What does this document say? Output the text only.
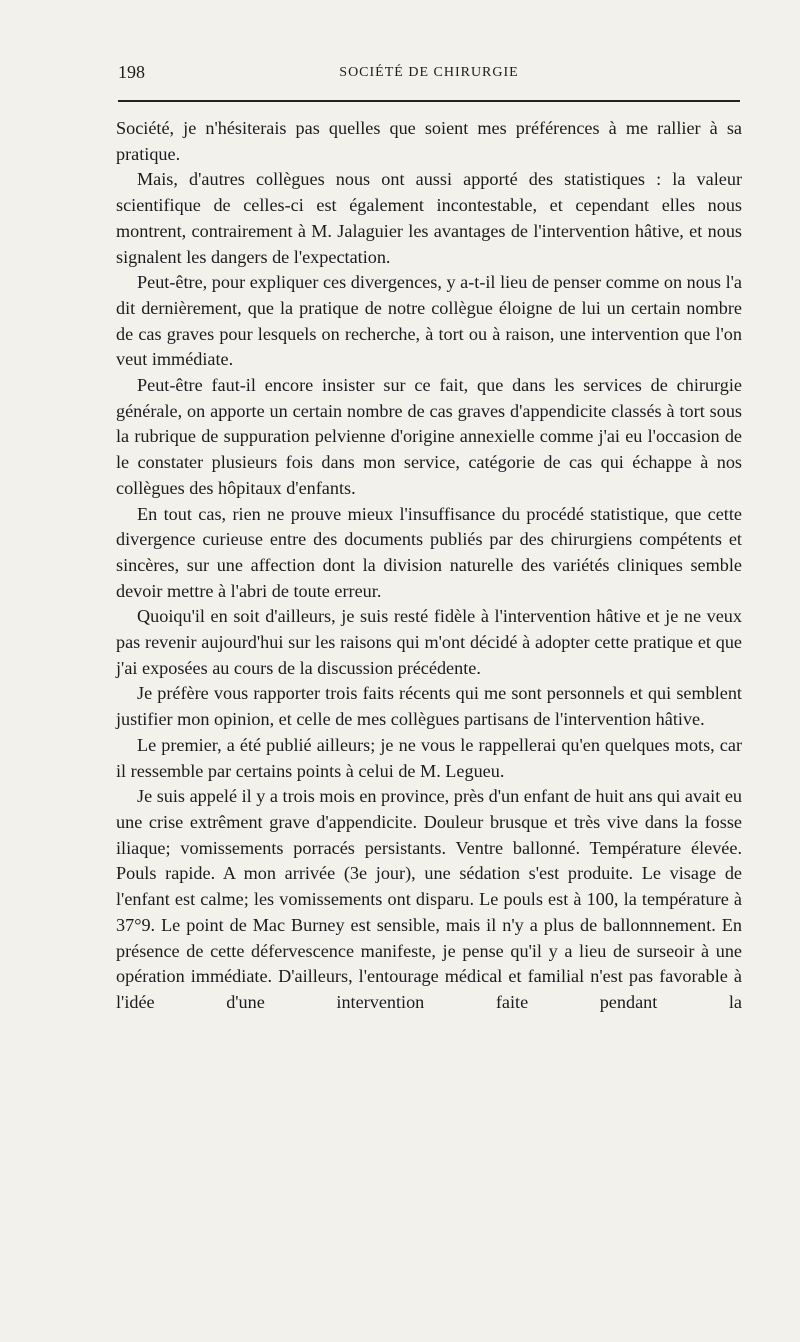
198	SOCIÉTÉ DE CHIRURGIE

Société, je n'hésiterais pas quelles que soient mes préférences à me rallier à sa pratique.

Mais, d'autres collègues nous ont aussi apporté des statistiques : la valeur scientifique de celles-ci est également incontestable, et cependant elles nous montrent, contrairement à M. Jalaguier les avantages de l'intervention hâtive, et nous signalent les dangers de l'expectation.

Peut-être, pour expliquer ces divergences, y a-t-il lieu de penser comme on nous l'a dit dernièrement, que la pratique de notre collègue éloigne de lui un certain nombre de cas graves pour lesquels on recherche, à tort ou à raison, une intervention que l'on veut immédiate.

Peut-être faut-il encore insister sur ce fait, que dans les services de chirurgie générale, on apporte un certain nombre de cas graves d'appendicite classés à tort sous la rubrique de suppuration pelvienne d'origine annexielle comme j'ai eu l'occasion de le constater plusieurs fois dans mon service, catégorie de cas qui échappe à nos collègues des hôpitaux d'enfants.

En tout cas, rien ne prouve mieux l'insuffisance du procédé statistique, que cette divergence curieuse entre des documents publiés par des chirurgiens compétents et sincères, sur une affection dont la division naturelle des variétés cliniques semble devoir mettre à l'abri de toute erreur.

Quoiqu'il en soit d'ailleurs, je suis resté fidèle à l'intervention hâtive et je ne veux pas revenir aujourd'hui sur les raisons qui m'ont décidé à adopter cette pratique et que j'ai exposées au cours de la discussion précédente.

Je préfère vous rapporter trois faits récents qui me sont personnels et qui semblent justifier mon opinion, et celle de mes collègues partisans de l'intervention hâtive.

Le premier, a été publié ailleurs; je ne vous le rappellerai qu'en quelques mots, car il ressemble par certains points à celui de M. Legueu.

Je suis appelé il y a trois mois en province, près d'un enfant de huit ans qui avait eu une crise extrêment grave d'appendicite. Douleur brusque et très vive dans la fosse iliaque; vomissements porracés persistants. Ventre ballonné. Température élevée. Pouls rapide. A mon arrivée (3e jour), une sédation s'est produite. Le visage de l'enfant est calme; les vomissements ont disparu. Le pouls est à 100, la température à 37°9. Le point de Mac Burney est sensible, mais il n'y a plus de ballonnnement. En présence de cette défervescence manifeste, je pense qu'il y a lieu de surseoir à une opération immédiate. D'ailleurs, l'entourage médical et familial n'est pas favorable à l'idée d'une intervention faite pendant la
